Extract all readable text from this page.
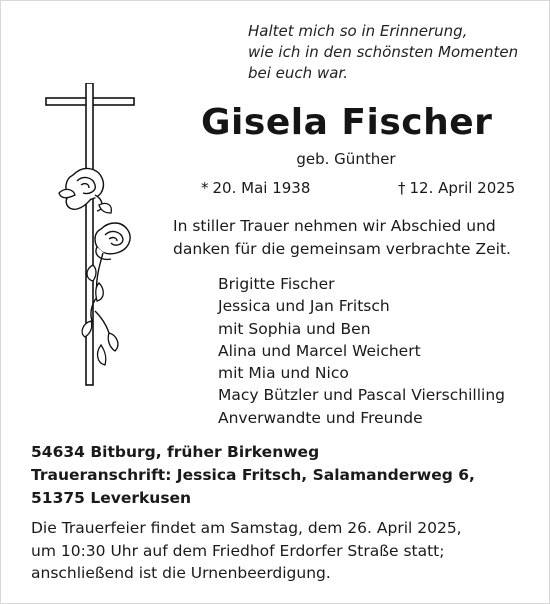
Haltet mich so in Erinnerung,
wie ich in den schönsten Momenten
bei euch war.
Gisela Fischer
geb. Günther
* 20. Mai 1938	† 12. April 2025
In stiller Trauer nehmen wir Abschied und
danken für die gemeinsam verbrachte Zeit.
Brigitte Fischer
Jessica und Jan Fritsch
mit Sophia und Ben
Alina und Marcel Weichert
mit Mia und Nico
Macy Bützler und Pascal Vierschilling
Anverwandte und Freunde
54634 Bitburg, früher Birkenweg
Traueranschrift: Jessica Fritsch, Salamanderweg 6,
51375 Leverkusen
Die Trauerfeier findet am Samstag, dem 26. April 2025,
um 10:30 Uhr auf dem Friedhof Erdorfer Straße statt;
anschließend ist die Urnenbeerdigung.
